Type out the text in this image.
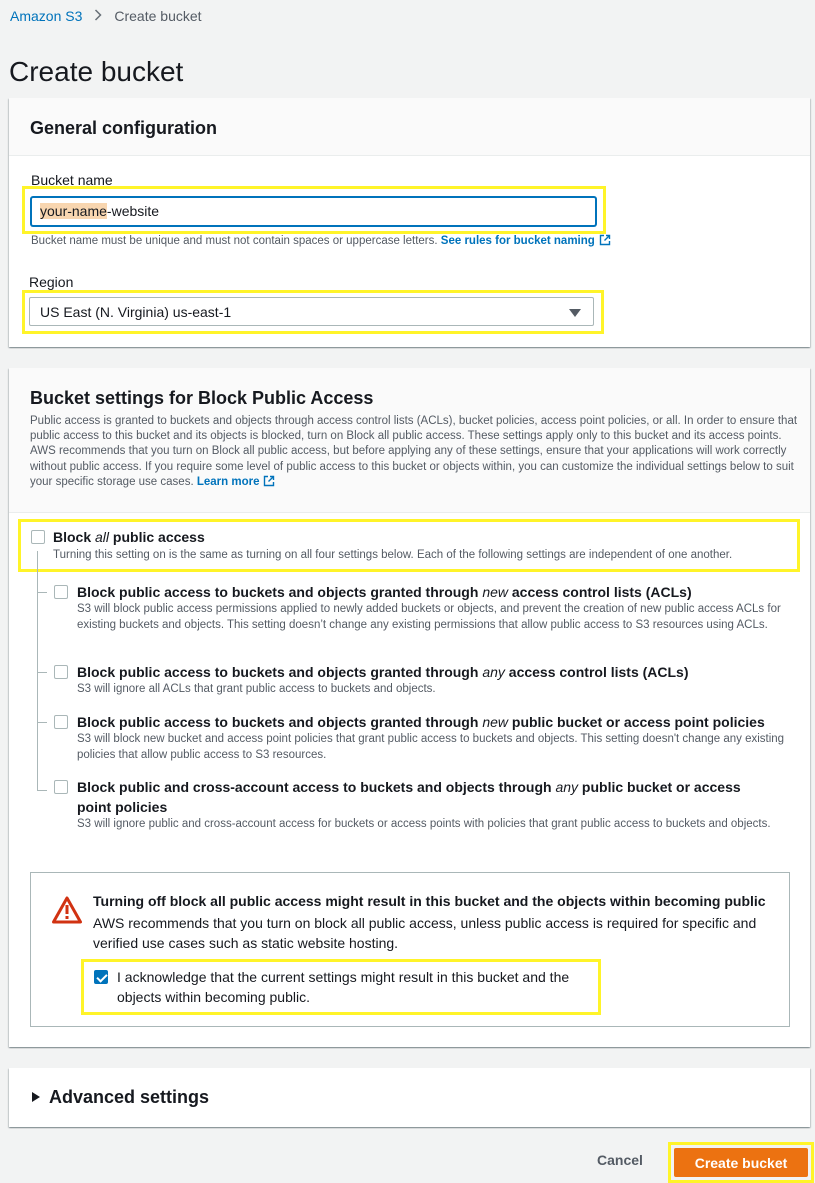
Amazon S3 Create bucket
Create bucket
General configuration
Bucket name
your-name-website
Bucket name must be unique and must not contain spaces or uppercase letters. See rules for bucket naming
Region
US East (N. Virginia) us-east-1
Bucket settings for Block Public Access
Public access is granted to buckets and objects through access control lists (ACLs), bucket policies, access point policies, or all. In order to ensure that public access to this bucket and its objects is blocked, turn on Block all public access. These settings apply only to this bucket and its access points. AWS recommends that you turn on Block all public access, but before applying any of these settings, ensure that your applications will work correctly without public access. If you require some level of public access to this bucket or objects within, you can customize the individual settings below to suit your specific storage use cases. Learn more
Block all public access
Turning this setting on is the same as turning on all four settings below. Each of the following settings are independent of one another.
Block public access to buckets and objects granted through new access control lists (ACLs)
S3 will block public access permissions applied to newly added buckets or objects, and prevent the creation of new public access ACLs for existing buckets and objects. This setting doesn’t change any existing permissions that allow public access to S3 resources using ACLs.
Block public access to buckets and objects granted through any access control lists (ACLs)
S3 will ignore all ACLs that grant public access to buckets and objects.
Block public access to buckets and objects granted through new public bucket or access point policies
S3 will block new bucket and access point policies that grant public access to buckets and objects. This setting doesn't change any existing policies that allow public access to S3 resources.
Block public and cross-account access to buckets and objects through any public bucket or access point policies
S3 will ignore public and cross-account access for buckets or access points with policies that grant public access to buckets and objects.
Turning off block all public access might result in this bucket and the objects within becoming public
AWS recommends that you turn on block all public access, unless public access is required for specific and verified use cases such as static website hosting.
I acknowledge that the current settings might result in this bucket and the objects within becoming public.
Advanced settings
Cancel	Create bucket
